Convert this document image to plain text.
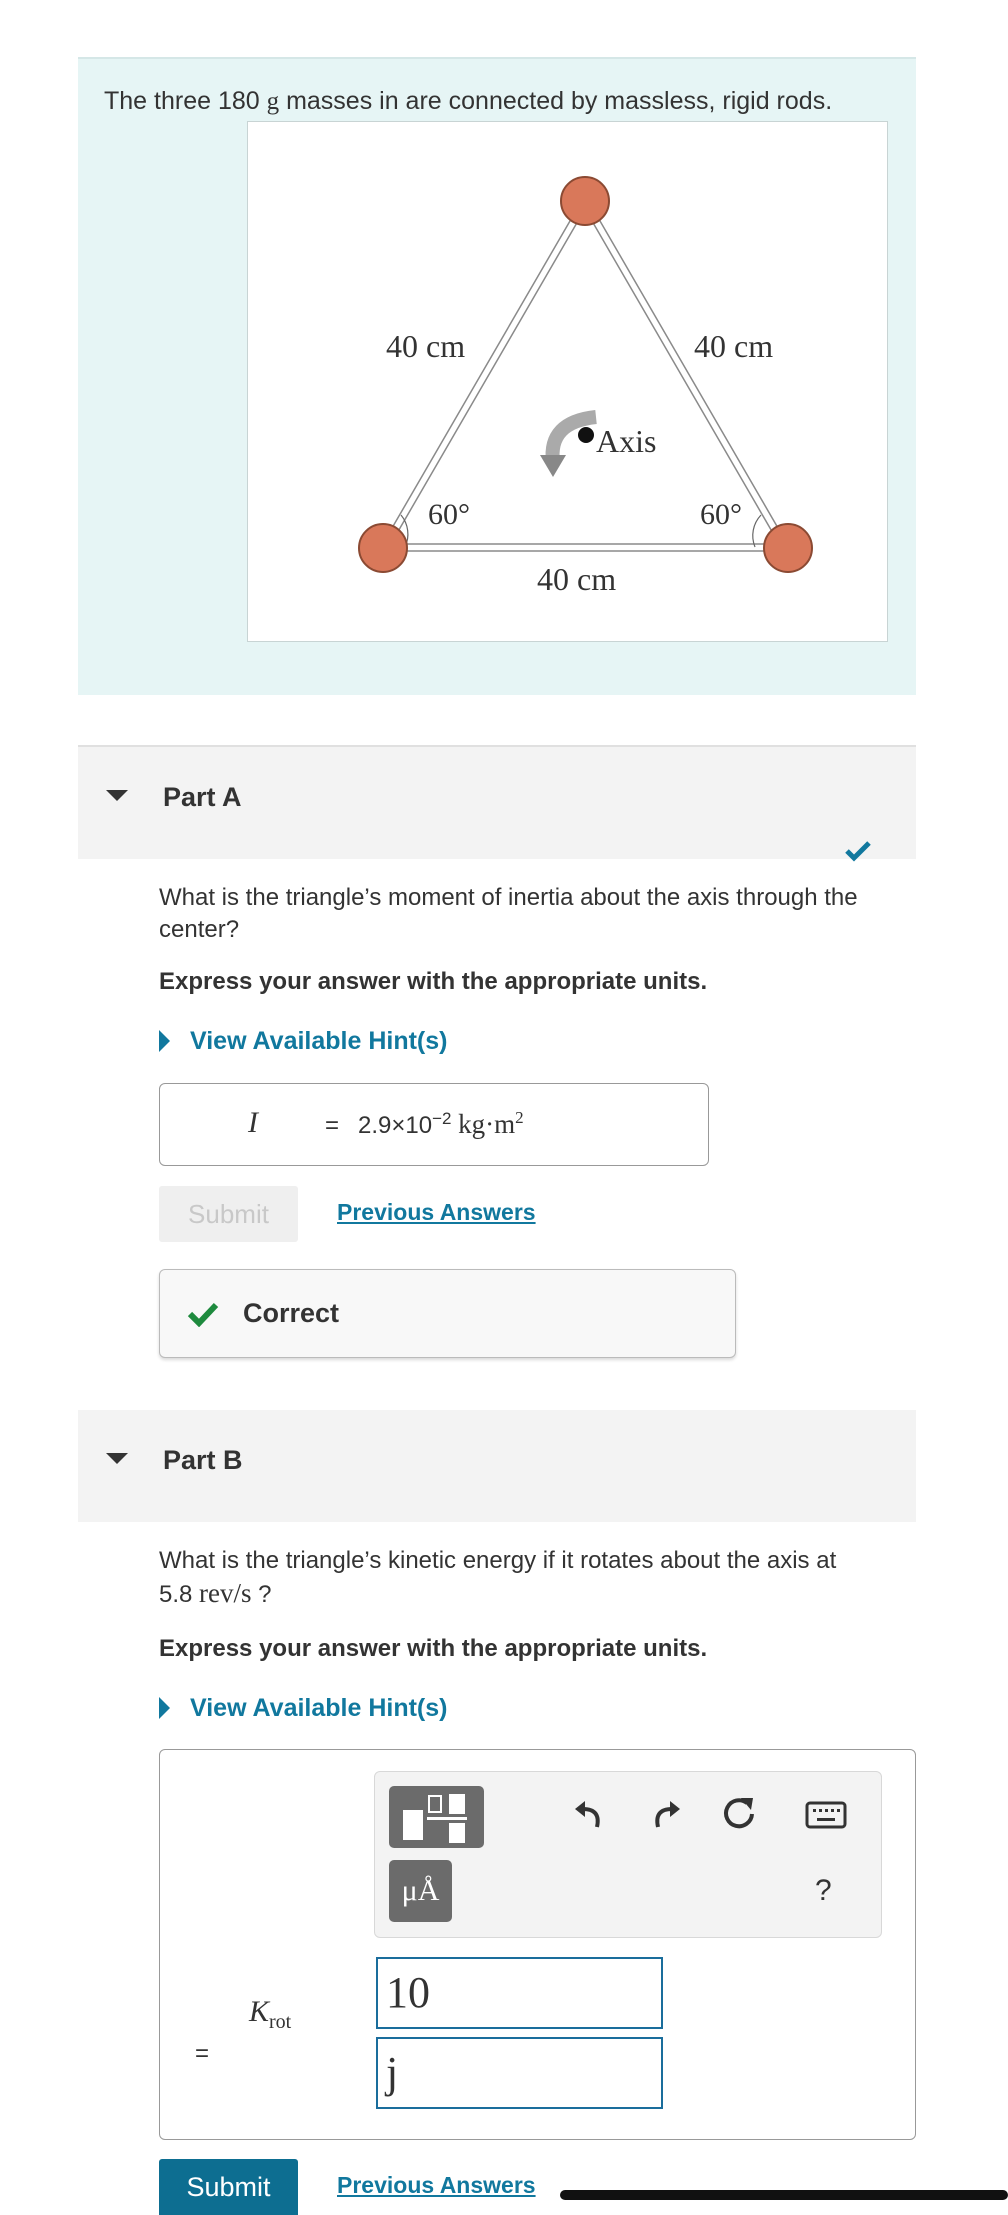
The three 180 g masses in are connected by massless, rigid rods.
40 cm	40 cm
Axis
60°	60°
40 cm
Part A
What is the triangle’s moment of inertia about the axis through the center?
Express your answer with the appropriate units.
View Available Hint(s)
I	= $2.9\times 10^{-2}$ $kg\cdot m^2$
Submit	Previous Answers
Correct
Part B
What is the triangle’s kinetic energy if it rotates about the axis at
5.8 rev/s ?
Express your answer with the appropriate units.
View Available Hint(s)
μÅ	?
$K_{rot}$
=
10
j
Submit	Previous Answers
